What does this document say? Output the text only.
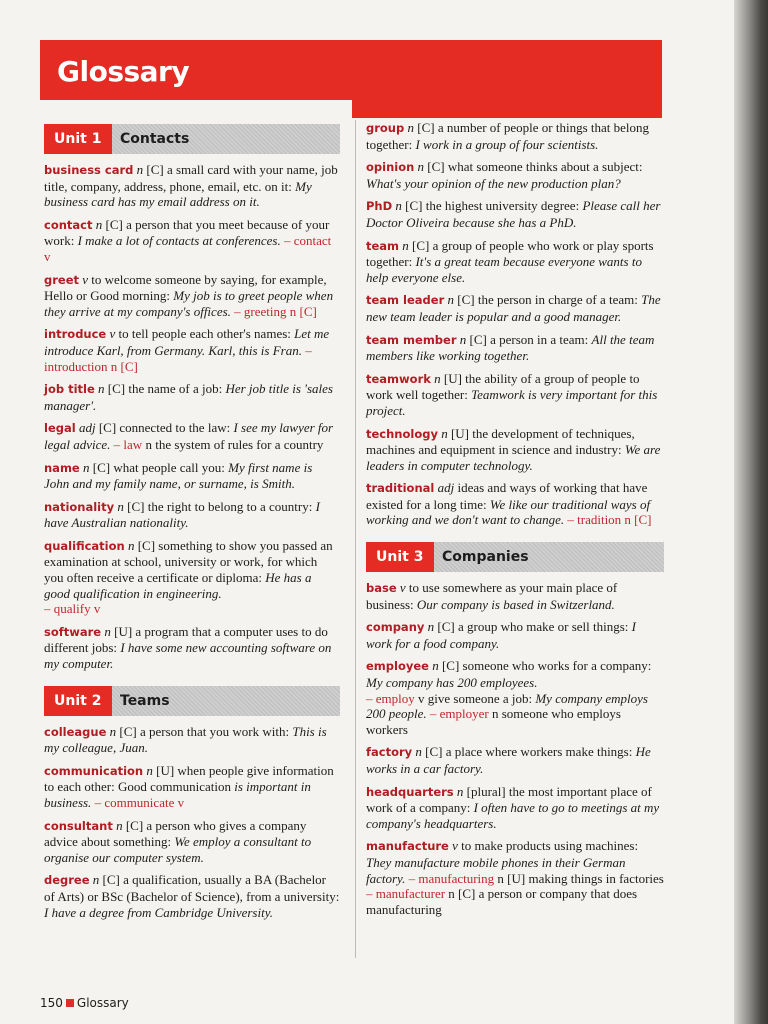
Glossary
Unit 1	Contacts
business card n [C] a small card with your name, job title, company, address, phone, email, etc. on it: My business card has my email address on it.
contact n [C] a person that you meet because of your work: I make a lot of contacts at conferences. – contact v
greet v to welcome someone by saying, for example, Hello or Good morning: My job is to greet people when they arrive at my company's offices. – greeting n [C]
introduce v to tell people each other's names: Let me introduce Karl, from Germany. Karl, this is Fran. – introduction n [C]
job title n [C] the name of a job: Her job title is 'sales manager'.
legal adj [C] connected to the law: I see my lawyer for legal advice. – law n the system of rules for a country
name n [C] what people call you: My first name is John and my family name, or surname, is Smith.
nationality n [C] the right to belong to a country: I have Australian nationality.
qualification n [C] something to show you passed an examination at school, university or work, for which you often receive a certificate or diploma: He has a good qualification in engineering.
– qualify v
software n [U] a program that a computer uses to do different jobs: I have some new accounting software on my computer.
Unit 2	Teams
colleague n [C] a person that you work with: This is my colleague, Juan.
communication n [U] when people give information to each other: Good communication is important in business. – communicate v
consultant n [C] a person who gives a company advice about something: We employ a consultant to organise our computer system.
degree n [C] a qualification, usually a BA (Bachelor of Arts) or BSc (Bachelor of Science), from a university: I have a degree from Cambridge University.
group n [C] a number of people or things that belong together: I work in a group of four scientists.
opinion n [C] what someone thinks about a subject: What's your opinion of the new production plan?
PhD n [C] the highest university degree: Please call her Doctor Oliveira because she has a PhD.
team n [C] a group of people who work or play sports together: It's a great team because everyone wants to help everyone else.
team leader n [C] the person in charge of a team: The new team leader is popular and a good manager.
team member n [C] a person in a team: All the team members like working together.
teamwork n [U] the ability of a group of people to work well together: Teamwork is very important for this project.
technology n [U] the development of techniques, machines and equipment in science and industry: We are leaders in computer technology.
traditional adj ideas and ways of working that have existed for a long time: We like our traditional ways of working and we don't want to change. – tradition n [C]
Unit 3	Companies
base v to use somewhere as your main place of business: Our company is based in Switzerland.
company n [C] a group who make or sell things: I work for a food company.
employee n [C] someone who works for a company: My company has 200 employees.
– employ v give someone a job: My company employs 200 people. – employer n someone who employs workers
factory n [C] a place where workers make things: He works in a car factory.
headquarters n [plural] the most important place of work of a company: I often have to go to meetings at my company's headquarters.
manufacture v to make products using machines: They manufacture mobile phones in their German factory. – manufacturing n [U] making things in factories – manufacturer n [C] a person or company that does manufacturing
150 Glossary
